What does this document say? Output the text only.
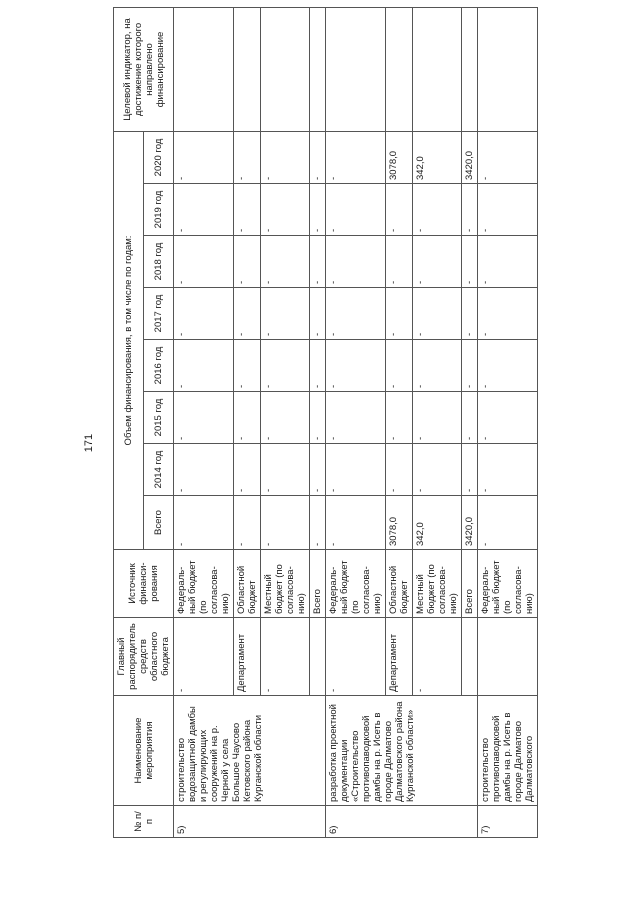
171
№ п/п	Наименование мероприятия	Главный распорядитель средств областного бюджета	Источник финанси- рования	Объем финансирования, в том числе по годам:								Целевой индикатор, на достижение которого направлено финансирование
				Всего	2014 год	2015 год	2016 год	2017 год	2018 год	2019 год	2020 год	
5)	строительство водозащитной дамбы и регулирующих сооружений на р. Черной у села Большое Чаусово Кетовского района Курганской области	-	Федераль- ный бюджет (по согласова- нию)	-	-	-	-	-	-	-	-	
		Департамент	Областной бюджет	-	-	-	-	-	-	-	-	
		-	Местный бюджет (по согласова- нию)	-	-	-	-	-	-	-	-	
			Всего	-	-	-	-	-	-	-	-	
6)	разработка проектной документации «Строительство противопаводковой дамбы на р. Исеть в городе Далматово Далматовского района Курганской области»	-	Федераль- ный бюджет (по согласова- нию)	-	-	-	-	-	-	-	-	
		Департамент	Областной бюджет	3078,0	-	-	-	-	-	-	3078,0	
		-	Местный бюджет (по согласова- нию)	342,0	-	-	-	-	-	-	342,0	
			Всего	3420,0	-	-	-	-	-	-	3420,0	
7)	строительство противопаводковой дамбы на р. Исеть в городе Далматово Далматовского		Федераль- ный бюджет (по согласова- нию)	-	-	-	-	-	-	-	-	
